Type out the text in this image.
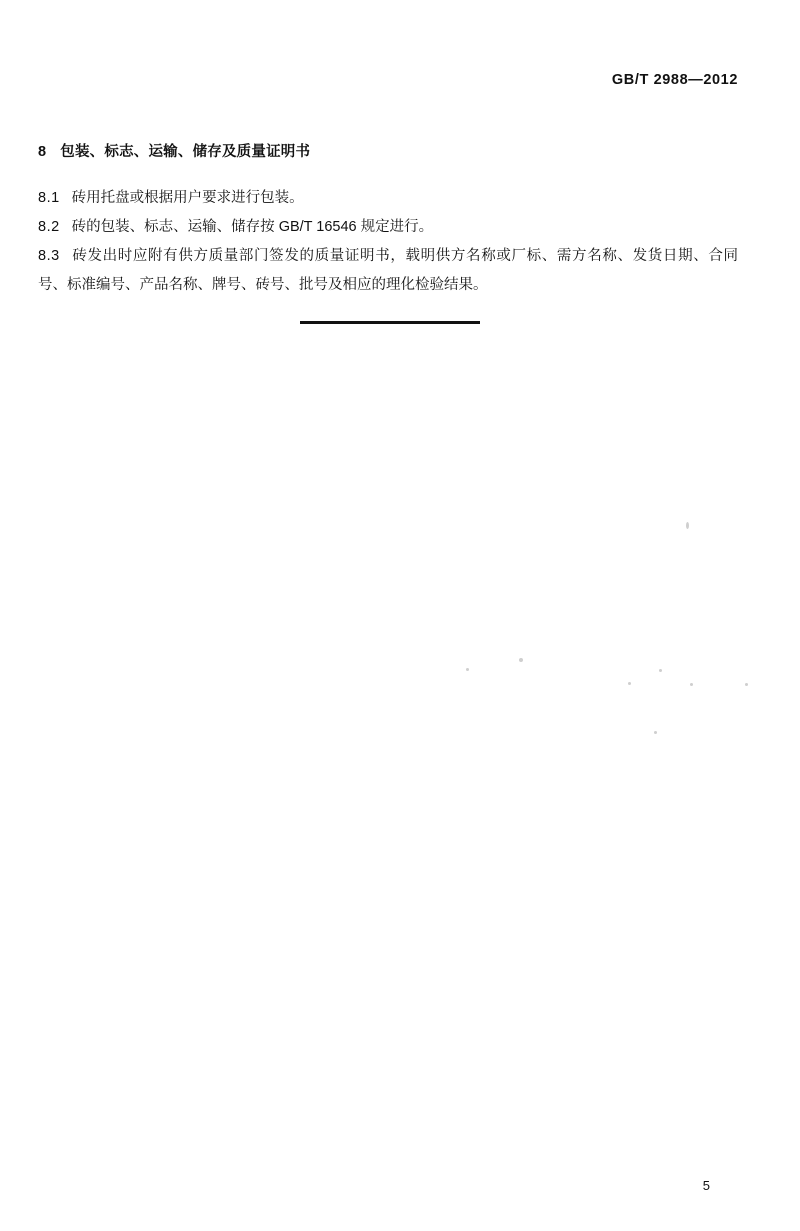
GB/T 2988—2012
8 包装、标志、运输、储存及质量证明书

8.1 砖用托盘或根据用户要求进行包装。

8.2 砖的包装、标志、运输、储存按 GB/T 16546 规定进行。

8.3 砖发出时应附有供方质量部门签发的质量证明书，载明供方名称或厂标、需方名称、发货日期、合同号、标准编号、产品名称、牌号、砖号、批号及相应的理化检验结果。

5
